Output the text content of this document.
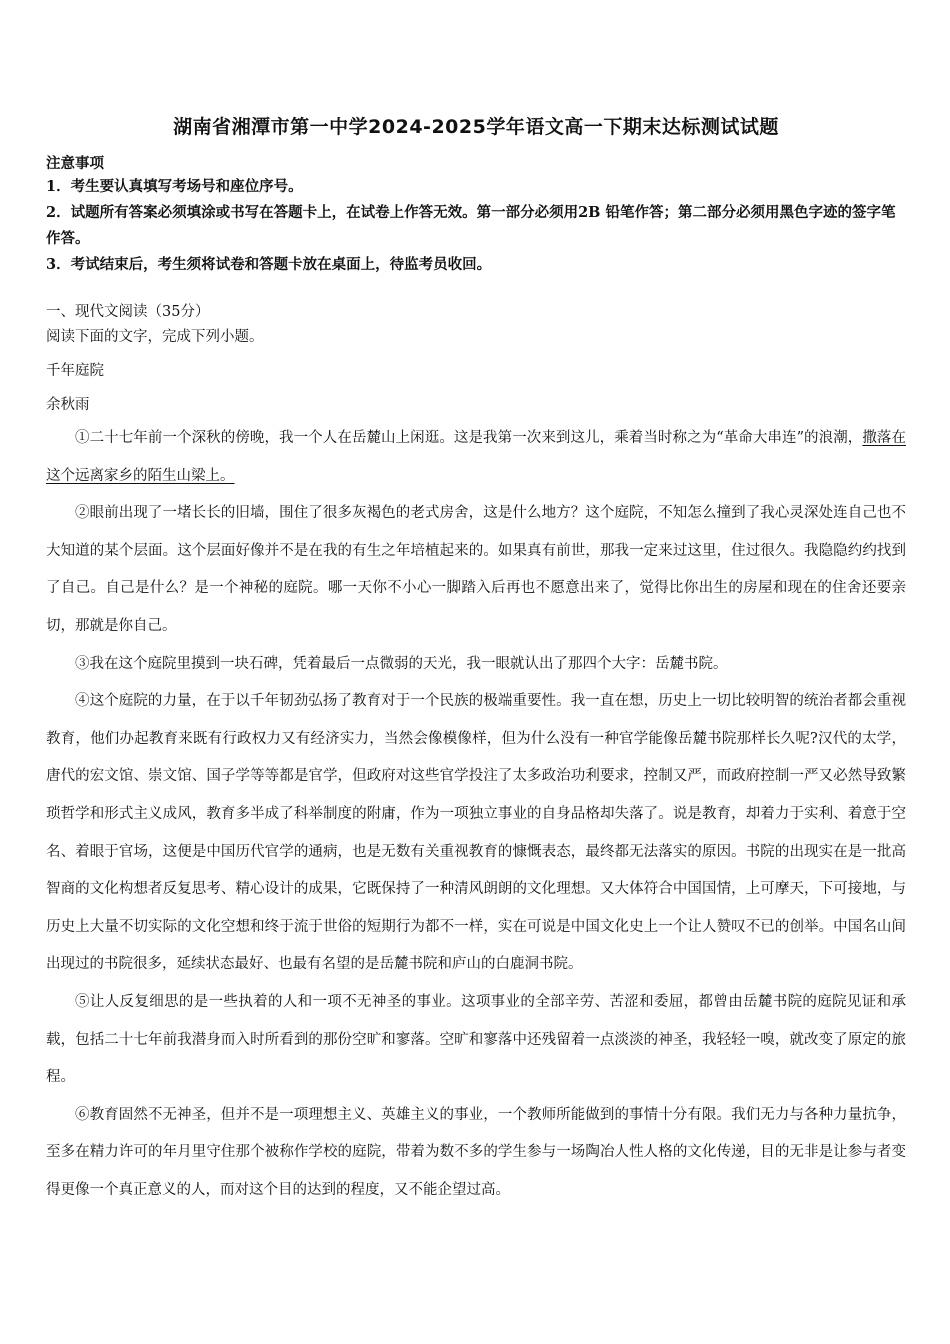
湖南省湘潭市第一中学2024-2025学年语文高一下期末达标测试试题
注意事项
1．考生要认真填写考场号和座位序号。
2．试题所有答案必须填涂或书写在答题卡上，在试卷上作答无效。第一部分必须用2B 铅笔作答；第二部分必须用黑色字迹的签字笔作答。
3．考试结束后，考生须将试卷和答题卡放在桌面上，待监考员收回。
一、现代文阅读（35分）
阅读下面的文字，完成下列小题。
千年庭院
余秋雨

①二十七年前一个深秋的傍晚，我一个人在岳麓山上闲逛。这是我第一次来到这儿，乘着当时称之为“革命大串连”的浪潮，撒落在这个远离家乡的陌生山梁上。

②眼前出现了一堵长长的旧墙，围住了很多灰褐色的老式房舍，这是什么地方？这个庭院，不知怎么撞到了我心灵深处连自己也不大知道的某个层面。这个层面好像并不是在我的有生之年培植起来的。如果真有前世，那我一定来过这里，住过很久。我隐隐约约找到了自己。自己是什么？是一个神秘的庭院。哪一天你不小心一脚踏入后再也不愿意出来了，觉得比你出生的房屋和现在的住舍还要亲切，那就是你自己。

③我在这个庭院里摸到一块石碑，凭着最后一点微弱的天光，我一眼就认出了那四个大字：岳麓书院。

④这个庭院的力量，在于以千年韧劲弘扬了教育对于一个民族的极端重要性。我一直在想，历史上一切比较明智的统治者都会重视教育，他们办起教育来既有行政权力又有经济实力，当然会像模像样，但为什么没有一种官学能像岳麓书院那样长久呢?汉代的太学，唐代的宏文馆、崇文馆、国子学等等都是官学，但政府对这些官学投注了太多政治功利要求，控制又严，而政府控制一严又必然导致繁琐哲学和形式主义成风，教育多半成了科举制度的附庸，作为一项独立事业的自身品格却失落了。说是教育，却着力于实利、着意于空名、着眼于官场，这便是中国历代官学的通病，也是无数有关重视教育的慷慨表态，最终都无法落实的原因。书院的出现实在是一批高智商的文化构想者反复思考、精心设计的成果，它既保持了一种清风朗朗的文化理想。又大体符合中国国情，上可摩天，下可接地，与历史上大量不切实际的文化空想和终于流于世俗的短期行为都不一样，实在可说是中国文化史上一个让人赞叹不已的创举。中国名山间出现过的书院很多，延续状态最好、也最有名望的是岳麓书院和庐山的白鹿洞书院。

⑤让人反复细思的是一些执着的人和一项不无神圣的事业。这项事业的全部辛劳、苦涩和委屈，都曾由岳麓书院的庭院见证和承载，包括二十七年前我潜身而入时所看到的那份空旷和寥落。空旷和寥落中还残留着一点淡淡的神圣，我轻轻一嗅，就改变了原定的旅程。

⑥教育固然不无神圣，但并不是一项理想主义、英雄主义的事业，一个教师所能做到的事情十分有限。我们无力与各种力量抗争，至多在精力许可的年月里守住那个被称作学校的庭院，带着为数不多的学生参与一场陶冶人性人格的文化传递，目的无非是让参与者变得更像一个真正意义的人，而对这个目的达到的程度，又不能企望过高。
